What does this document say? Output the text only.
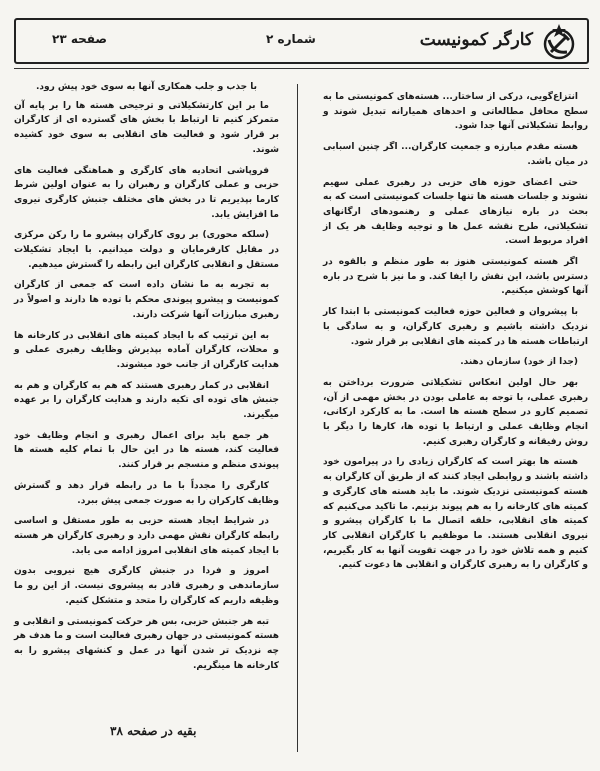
کارگر کمونیست
شماره ۲
صفحه ۲۳

با جذب و جلب همکاری آنها به سوی خود پیش رود.

ما بر این کارتشکیلاتی و ترجیحی هسته ها را بر پایه آن متمرکز کنیم تا ارتباط با بخش های گسترده ای از کارگران بر قرار شود و فعالیت های انقلابی به سوی خود کشیده شوند.

فروپاشی اتحادیه های کارگری و هماهنگی فعالیت های حزبی و عملی کارگران و رهبران را به عنوان اولین شرط کارما بپذیریم تا در بخش های مختلف جنبش کارگری نیروی ما افزایش یابد.

(سلکه محوری) بر روی کارگران پیشرو ما را رکن مرکزی در مقابل کارفرمایان و دولت میدانیم. با ایجاد تشکیلات مستقل و انقلابی کارگران این رابطه را گسترش میدهیم.

به تجربه به ما نشان داده است که جمعی از کارگران کمونیست و پیشرو پیوندی محکم با توده ها دارند و اصولاً در رهبری مبارزات آنها شرکت دارند.

به این ترتیب که با ایجاد کمیته های انقلابی در کارخانه ها و محلات، کارگران آماده بپذیرش وظایف رهبری عملی و هدایت کارگران از جانب خود میشوند.

انقلابی در کمار رهبری هستند که هم به کارگران و هم به جنبش های توده ای تکیه دارند و هدایت کارگران را بر عهده میگیرند.

هر جمع باید برای اعمال رهبری و انجام وظایف خود فعالیت کند، هسته ها در این حال با تمام کلیه هسته ها پیوندی منظم و منسجم بر قرار کنند.

کارگری را مجدداً با ما در رابطه قرار دهد و گسترش وظایف کارکران را به صورت جمعی پیش ببرد.

در شرایط ایجاد هسته حزبی به طور مستقل و اساسی رابطه کارگران نقش مهمی دارد و رهبری کارگران هر هسته با ایجاد کمیته های انقلابی امروز ادامه می یابد.

امروز و فردا در جنبش کارگری هیچ نیرویی بدون سازماندهی و رهبری قادر به پیشروی نیست. از این رو ما وظیفه داریم که کارگران را متحد و متشکل کنیم.

تبه هر جنبش حزبی، بس هر حرکت کمونیستی و انقلابی و هسته کمونیستی در جهان رهبری فعالیت است و ما هدف هر چه نزدیک تر شدن آنها در عمل و کنشهای پیشرو را به کارخانه ها مینگریم.

بقیه در صفحه ۳۸

انتزاع‌گویی، درکی از ساختار... هسته‌های کمونیستی ما به سطح محافل مطالعاتی و احدهای همیارانه تبدیل شوند و روابط تشکیلاتی آنها جدا شود.

هسته مقدم مبارزه و جمعیت کارگران... اگر چنین اسبابی در میان باشد.

حتی اعضای حوزه های حزبی در رهبری عملی سهیم نشوند و جلسات هسته ها تنها جلسات کمونیستی است که به بحث در باره نیازهای عملی و رهنمودهای ارگانهای تشکیلاتی، طرح نقشه عمل ها و توجیه وظایف هر یک از افراد مربوط است.

اگر هسته کمونیستی هنوز به طور منظم و بالقوه در دسترس باشد، این نقش را ایفا کند. و ما نیز با شرح در باره آنها کوشش میکنیم.

با پیشروان و فعالین حوزه فعالیت کمونیستی با ابتدا کار نزدیک داشته باشیم و رهبری کارگران، و به سادگی با ارتباطات هسته ها در کمیته های انقلابی بر قرار شود.

(جدا از خود) سازمان دهند.

بهر حال اولین انعکاس تشکیلاتی ضرورت برداختن به رهبری عملی، با توجه به عاملی بودن در بخش مهمی از آن، تصمیم کارو در سطح هسته ها است. ما به کارکرد ارکانی، انجام وظایف عملی و ارتباط با توده ها، کارها را دیگر با روش رفیقانه و کارگران رهبری کنیم.

هسته ها بهتر است که کارگران زیادی را در پیرامون خود داشته باشند و روابطی ایجاد کنند که از طریق آن کارگران به هسته کمونیستی نزدیک شوند. ما باید هسته های کارگری و کمیته های کارخانه را به هم پیوند بزنیم. ما تاکید می‌کنیم که کمیته های انقلابی، حلقه اتصال ما با کارگران پیشرو و نیروی انقلابی هستند. ما موظفیم با کارگران انقلابی کار کنیم و همه تلاش خود را در جهت تقویت آنها به کار بگیریم، و کارگران را به رهبری کارگران و انقلابی ها دعوت کنیم.
